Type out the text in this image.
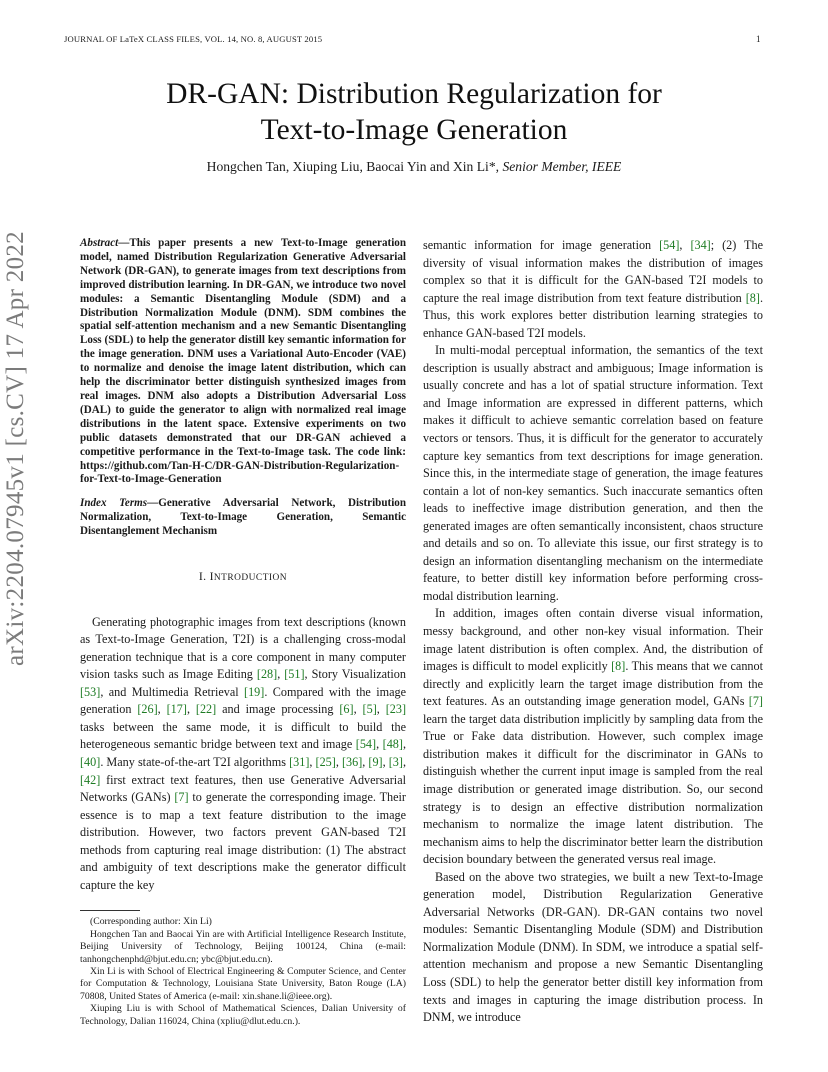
JOURNAL OF LaTeX CLASS FILES, VOL. 14, NO. 8, AUGUST 2015	1
arXiv:2204.07945v1 [cs.CV] 17 Apr 2022
DR-GAN: Distribution Regularization for
Text-to-Image Generation
Hongchen Tan, Xiuping Liu, Baocai Yin and Xin Li*, Senior Member, IEEE

Abstract—This paper presents a new Text-to-Image generation model, named Distribution Regularization Generative Adversarial Network (DR-GAN), to generate images from text descriptions from improved distribution learning. In DR-GAN, we introduce two novel modules: a Semantic Disentangling Module (SDM) and a Distribution Normalization Module (DNM). SDM combines the spatial self-attention mechanism and a new Semantic Disentangling Loss (SDL) to help the generator distill key semantic information for the image generation. DNM uses a Variational Auto-Encoder (VAE) to normalize and denoise the image latent distribution, which can help the discriminator better distinguish synthesized images from real images. DNM also adopts a Distribution Adversarial Loss (DAL) to guide the generator to align with normalized real image distributions in the latent space. Extensive experiments on two public datasets demonstrated that our DR-GAN achieved a competitive performance in the Text-to-Image task. The code link: https://github.com/Tan-H-C/DR-GAN-Distribution-Regularization-for-Text-to-Image-Generation

Index Terms—Generative Adversarial Network, Distribution Normalization, Text-to-Image Generation, Semantic Disentanglement Mechanism

I. INTRODUCTION

Generating photographic images from text descriptions (known as Text-to-Image Generation, T2I) is a challenging cross-modal generation technique that is a core component in many computer vision tasks such as Image Editing [28], [51], Story Visualization [53], and Multimedia Retrieval [19]. Compared with the image generation [26], [17], [22] and image processing [6], [5], [23] tasks between the same mode, it is difficult to build the heterogeneous semantic bridge between text and image [54], [48], [40]. Many state-of-the-art T2I algorithms [31], [25], [36], [9], [3], [42] first extract text features, then use Generative Adversarial Networks (GANs) [7] to generate the corresponding image. Their essence is to map a text feature distribution to the image distribution. However, two factors prevent GAN-based T2I methods from capturing real image distribution: (1) The abstract and ambiguity of text descriptions make the generator difficult capture the key

(Corresponding author: Xin Li)

Hongchen Tan and Baocai Yin are with Artificial Intelligence Research Institute, Beijing University of Technology, Beijing 100124, China (e-mail: tanhongchenphd@bjut.edu.cn; ybc@bjut.edu.cn).

Xin Li is with School of Electrical Engineering & Computer Science, and Center for Computation & Technology, Louisiana State University, Baton Rouge (LA) 70808, United States of America (e-mail: xin.shane.li@ieee.org).

Xiuping Liu is with School of Mathematical Sciences, Dalian University of Technology, Dalian 116024, China (xpliu@dlut.edu.cn.).

semantic information for image generation [54], [34]; (2) The diversity of visual information makes the distribution of images complex so that it is difficult for the GAN-based T2I models to capture the real image distribution from text feature distribution [8]. Thus, this work explores better distribution learning strategies to enhance GAN-based T2I models.

In multi-modal perceptual information, the semantics of the text description is usually abstract and ambiguous; Image information is usually concrete and has a lot of spatial structure information. Text and Image information are expressed in different patterns, which makes it difficult to achieve semantic correlation based on feature vectors or tensors. Thus, it is difficult for the generator to accurately capture key semantics from text descriptions for image generation. Since this, in the intermediate stage of generation, the image features contain a lot of non-key semantics. Such inaccurate semantics often leads to ineffective image distribution generation, and then the generated images are often semantically inconsistent, chaos structure and details and so on. To alleviate this issue, our first strategy is to design an information disentangling mechanism on the intermediate feature, to better distill key information before performing cross-modal distribution learning.

In addition, images often contain diverse visual information, messy background, and other non-key visual information. Their image latent distribution is often complex. And, the distribution of images is difficult to model explicitly [8]. This means that we cannot directly and explicitly learn the target image distribution from the text features. As an outstanding image generation model, GANs [7] learn the target data distribution implicitly by sampling data from the True or Fake data distribution. However, such complex image distribution makes it difficult for the discriminator in GANs to distinguish whether the current input image is sampled from the real image distribution or generated image distribution. So, our second strategy is to design an effective distribution normalization mechanism to normalize the image latent distribution. The mechanism aims to help the discriminator better learn the distribution decision boundary between the generated versus real image.

Based on the above two strategies, we built a new Text-to-Image generation model, Distribution Regularization Generative Adversarial Networks (DR-GAN). DR-GAN contains two novel modules: Semantic Disentangling Module (SDM) and Distribution Normalization Module (DNM). In SDM, we introduce a spatial self-attention mechanism and propose a new Semantic Disentangling Loss (SDL) to help the generator better distill key information from texts and images in capturing the image distribution process. In DNM, we introduce
